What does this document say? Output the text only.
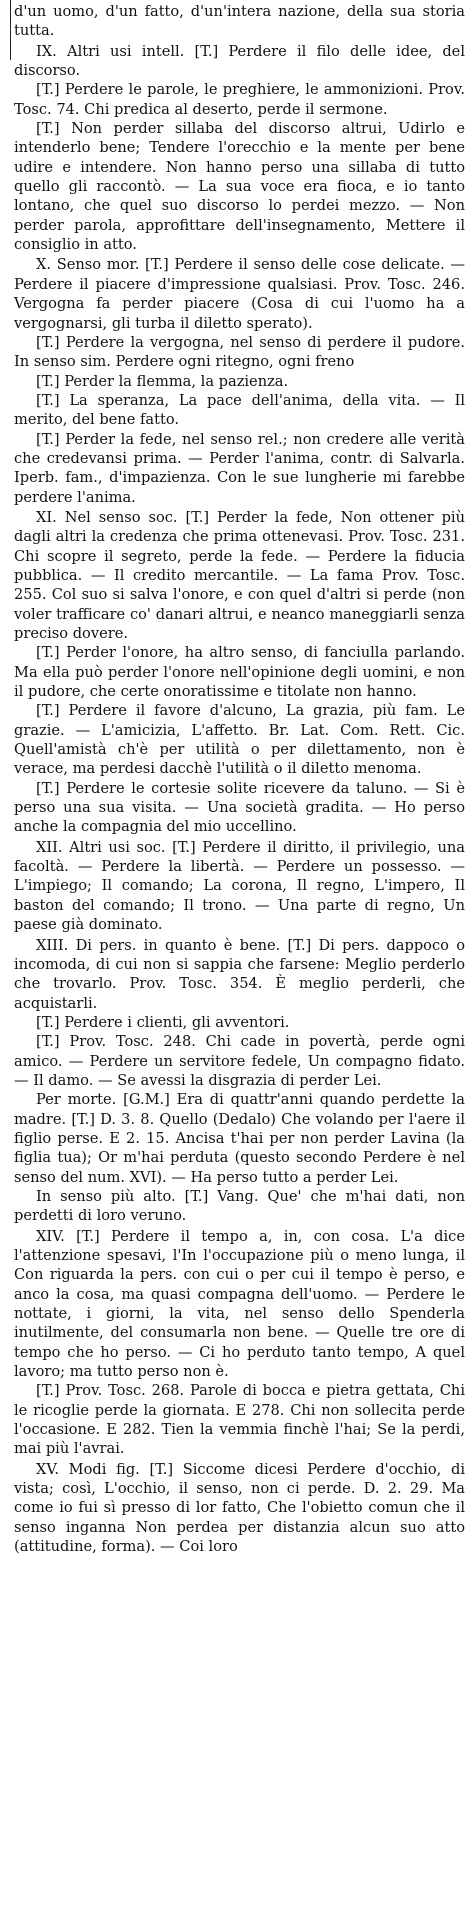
d'un uomo, d'un fatto, d'un'intera nazione, della sua storia tutta.

IX. Altri usi intell. [T.] Perdere il filo delle idee, del discorso.

[T.] Perdere le parole, le preghiere, le ammonizioni. Prov. Tosc. 74. Chi predica al deserto, perde il sermone.

[T.] Non perder sillaba del discorso altrui, Udirlo e intenderlo bene; Tendere l'orecchio e la mente per bene udire e intendere. Non hanno perso una sillaba di tutto quello gli raccontò. — La sua voce era fioca, e io tanto lontano, che quel suo discorso lo perdei mezzo. — Non perder parola, approfittare dell'insegnamento, Mettere il consiglio in atto.

X. Senso mor. [T.] Perdere il senso delle cose delicate. — Perdere il piacere d'impressione qualsiasi. Prov. Tosc. 246. Vergogna fa perder piacere (Cosa di cui l'uomo ha a vergognarsi, gli turba il diletto sperato).

[T.] Perdere la vergogna, nel senso di perdere il pudore. In senso sim. Perdere ogni ritegno, ogni freno

[T.] Perder la flemma, la pazienza.

[T.] La speranza, La pace dell'anima, della vita. — Il merito, del bene fatto.

[T.] Perder la fede, nel senso rel.; non credere alle verità che credevansi prima. — Perder l'anima, contr. di Salvarla. Iperb. fam., d'impazienza. Con le sue lungherie mi farebbe perdere l'anima.

XI. Nel senso soc. [T.] Perder la fede, Non ottener più dagli altri la credenza che prima ottenevasi. Prov. Tosc. 231. Chi scopre il segreto, perde la fede. — Perdere la fiducia pubblica. — Il credito mercantile. — La fama Prov. Tosc. 255. Col suo si salva l'onore, e con quel d'altri si perde (non voler trafficare co' danari altrui, e neanco maneggiarli senza preciso dovere.

[T.] Perder l'onore, ha altro senso, di fanciulla parlando. Ma ella può perder l'onore nell'opinione degli uomini, e non il pudore, che certe onoratissime e titolate non hanno.

[T.] Perdere il favore d'alcuno, La grazia, più fam. Le grazie. — L'amicizia, L'affetto. Br. Lat. Com. Rett. Cic. Quell'amistà ch'è per utilità o per dilettamento, non è verace, ma perdesi dacchè l'utilità o il diletto menoma.

[T.] Perdere le cortesie solite ricevere da taluno. — Si è perso una sua visita. — Una società gradita. — Ho perso anche la compagnia del mio uccellino.

XII. Altri usi soc. [T.] Perdere il diritto, il privilegio, una facoltà. — Perdere la libertà. — Perdere un possesso. — L'impiego; Il comando; La corona, Il regno, L'impero, Il baston del comando; Il trono. — Una parte di regno, Un paese già dominato.

XIII. Di pers. in quanto è bene. [T.] Di pers. dappoco o incomoda, di cui non si sappia che farsene: Meglio perderlo che trovarlo. Prov. Tosc. 354. È meglio perderli, che acquistarli.

[T.] Perdere i clienti, gli avventori.

[T.] Prov. Tosc. 248. Chi cade in povertà, perde ogni amico. — Perdere un servitore fedele, Un compagno fidato. — Il damo. — Se avessi la disgrazia di perder Lei.

Per morte. [G.M.] Era di quattr'anni quando perdette la madre. [T.] D. 3. 8. Quello (Dedalo) Che volando per l'aere il figlio perse. E 2. 15. Ancisa t'hai per non perder Lavina (la figlia tua); Or m'hai perduta (questo secondo Perdere è nel senso del num. XVI). — Ha perso tutto a perder Lei.

In senso più alto. [T.] Vang. Que' che m'hai dati, non perdetti di loro veruno.

XIV. [T.] Perdere il tempo a, in, con cosa. L'a dice l'attenzione spesavi, l'In l'occupazione più o meno lunga, il Con riguarda la pers. con cui o per cui il tempo è perso, e anco la cosa, ma quasi compagna dell'uomo. — Perdere le nottate, i giorni, la vita, nel senso dello Spenderla inutilmente, del consumarla non bene. — Quelle tre ore di tempo che ho perso. — Ci ho perduto tanto tempo, A quel lavoro; ma tutto perso non è.

[T.] Prov. Tosc. 268. Parole di bocca e pietra gettata, Chi le ricoglie perde la giornata. E 278. Chi non sollecita perde l'occasione. E 282. Tien la vemmia finchè l'hai; Se la perdi, mai più l'avrai.

XV. Modi fig. [T.] Siccome dicesi Perdere d'occhio, di vista; così, L'occhio, il senso, non ci perde. D. 2. 29. Ma come io fui sì presso di lor fatto, Che l'obietto comun che il senso inganna Non perdea per distanzia alcun suo atto (attitudine, forma). — Coi loro
